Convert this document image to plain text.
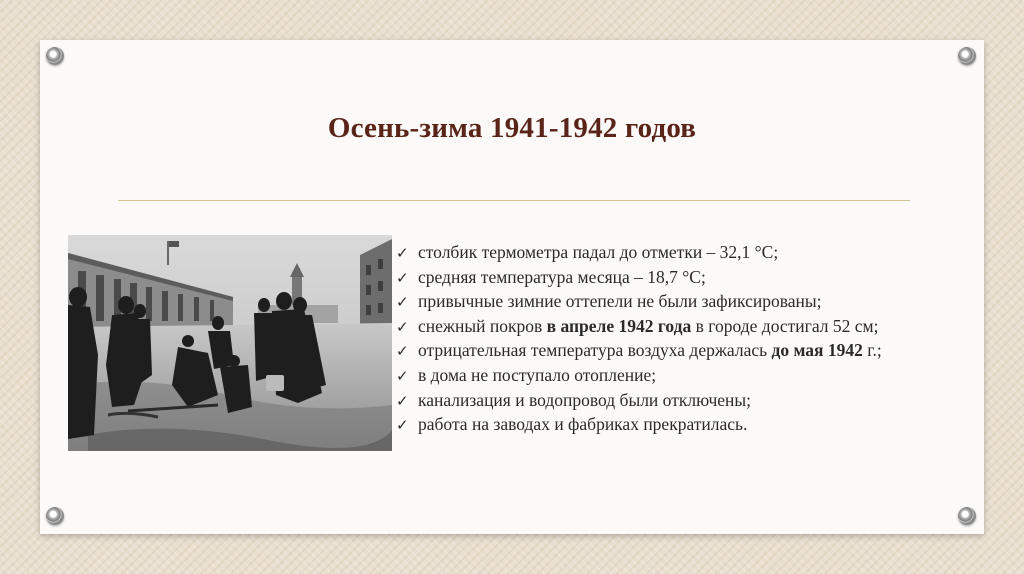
Осень-зима 1941-1942 годов
✓ столбик термометра падал до отметки – 32,1 °С;
✓ средняя температура месяца – 18,7 °С;
✓ привычные зимние оттепели не были зафиксированы;
✓ снежный покров в апреле 1942 года в городе достигал 52 см;
✓ отрицательная температура воздуха держалась до мая 1942 г.;
✓ в дома не поступало отопление;
✓ канализация и водопровод были отключены;
✓ работа на заводах и фабриках прекратилась.
